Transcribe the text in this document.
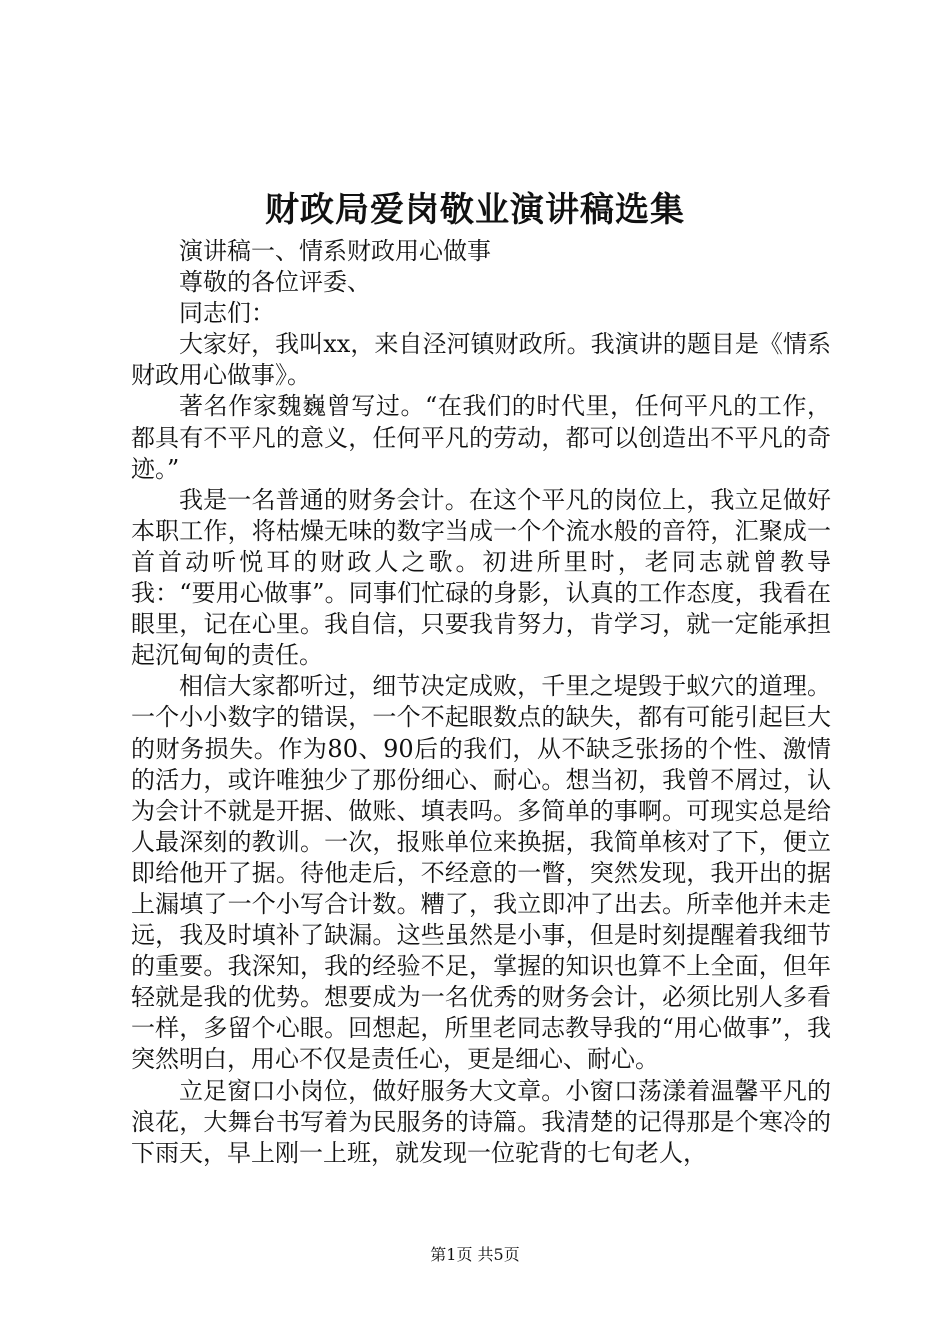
财政局爱岗敬业演讲稿选集

演讲稿一、情系财政用心做事

尊敬的各位评委、

同志们：

大家好，我叫xx，来自泾河镇财政所。我演讲的题目是《情系财政用心做事》。

著名作家魏巍曾写过。“在我们的时代里，任何平凡的工作，都具有不平凡的意义，任何平凡的劳动，都可以创造出不平凡的奇迹。”

我是一名普通的财务会计。在这个平凡的岗位上，我立足做好本职工作，将枯燥无味的数字当成一个个流水般的音符，汇聚成一首首动听悦耳的财政人之歌。初进所里时，老同志就曾教导我：“要用心做事”。同事们忙碌的身影，认真的工作态度，我看在眼里，记在心里。我自信，只要我肯努力，肯学习，就一定能承担起沉甸甸的责任。

相信大家都听过，细节决定成败，千里之堤毁于蚁穴的道理。一个小小数字的错误，一个不起眼数点的缺失，都有可能引起巨大的财务损失。作为80、90后的我们，从不缺乏张扬的个性、激情的活力，或许唯独少了那份细心、耐心。想当初，我曾不屑过，认为会计不就是开据、做账、填表吗。多简单的事啊。可现实总是给人最深刻的教训。一次，报账单位来换据，我简单核对了下，便立即给他开了据。待他走后，不经意的一瞥，突然发现，我开出的据上漏填了一个小写合计数。糟了，我立即冲了出去。所幸他并未走远，我及时填补了缺漏。这些虽然是小事，但是时刻提醒着我细节的重要。我深知，我的经验不足，掌握的知识也算不上全面，但年轻就是我的优势。想要成为一名优秀的财务会计，必须比别人多看一样，多留个心眼。回想起，所里老同志教导我的“用心做事”，我突然明白，用心不仅是责任心，更是细心、耐心。

立足窗口小岗位，做好服务大文章。小窗口荡漾着温馨平凡的浪花，大舞台书写着为民服务的诗篇。我清楚的记得那是个寒冷的下雨天，早上刚一上班，就发现一位驼背的七旬老人，

第1页 共5页
